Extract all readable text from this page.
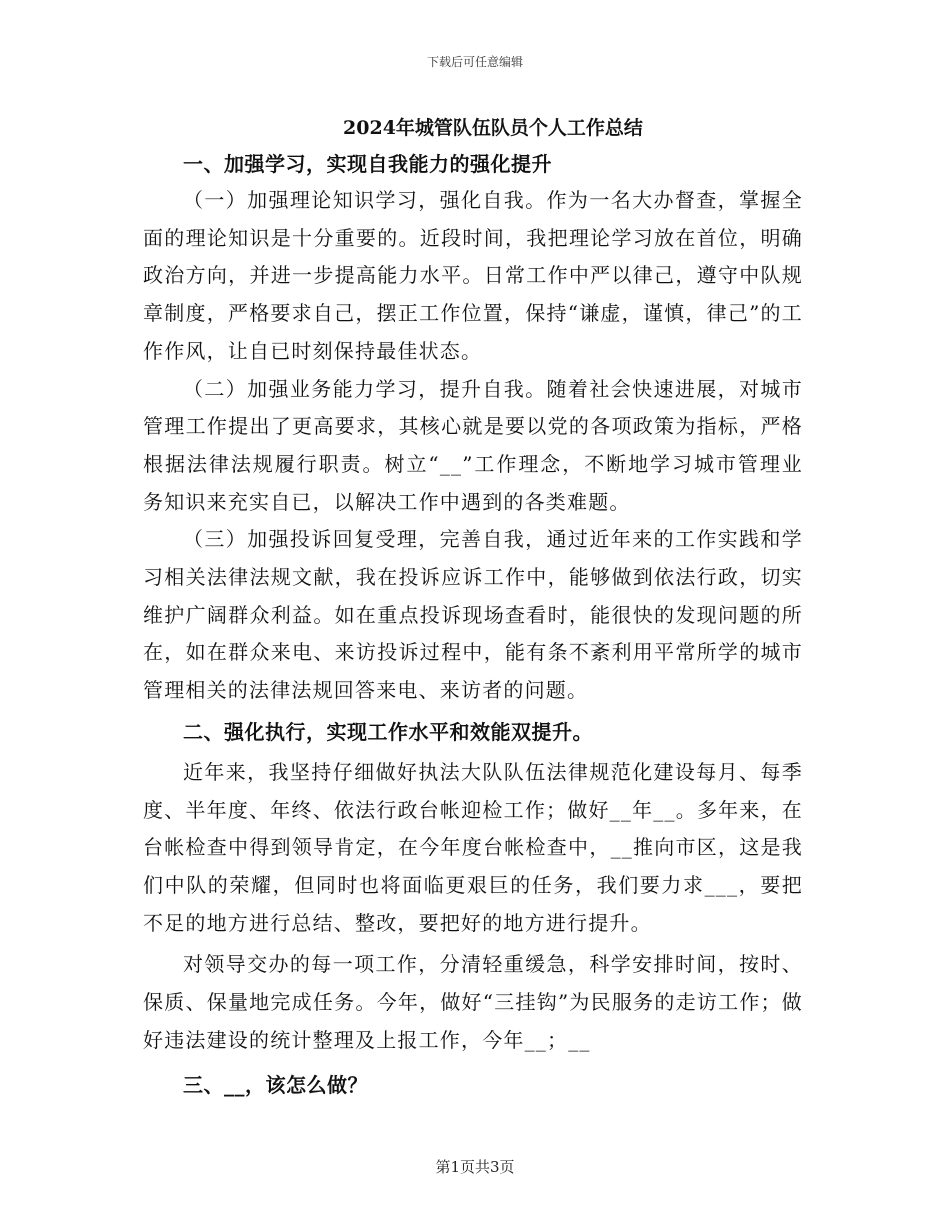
下载后可任意编辑
2024年城管队伍队员个人工作总结
一、加强学习，实现自我能力的强化提升

（一）加强理论知识学习，强化自我。作为一名大办督查，掌握全面的理论知识是十分重要的。近段时间，我把理论学习放在首位，明确政治方向，并进一步提高能力水平。日常工作中严以律己，遵守中队规章制度，严格要求自己，摆正工作位置，保持“谦虚，谨慎，律己”的工作作风，让自已时刻保持最佳状态。

（二）加强业务能力学习，提升自我。随着社会快速进展，对城市管理工作提出了更高要求，其核心就是要以党的各项政策为指标，严格根据法律法规履行职责。树立“__”工作理念，不断地学习城市管理业务知识来充实自已，以解决工作中遇到的各类难题。

（三）加强投诉回复受理，完善自我，通过近年来的工作实践和学习相关法律法规文献，我在投诉应诉工作中，能够做到依法行政，切实维护广阔群众利益。如在重点投诉现场查看时，能很快的发现问题的所在，如在群众来电、来访投诉过程中，能有条不紊利用平常所学的城市管理相关的法律法规回答来电、来访者的问题。

二、强化执行，实现工作水平和效能双提升。

近年来，我坚持仔细做好执法大队队伍法律规范化建设每月、每季度、半年度、年终、依法行政台帐迎检工作；做好__年__。多年来，在台帐检查中得到领导肯定，在今年度台帐检查中，__推向市区，这是我们中队的荣耀，但同时也将面临更艰巨的任务，我们要力求___，要把不足的地方进行总结、整改，要把好的地方进行提升。

对领导交办的每一项工作，分清轻重缓急，科学安排时间，按时、保质、保量地完成任务。今年，做好“三挂钩”为民服务的走访工作；做好违法建设的统计整理及上报工作，今年__；__

三、__，该怎么做？
第1页共3页
